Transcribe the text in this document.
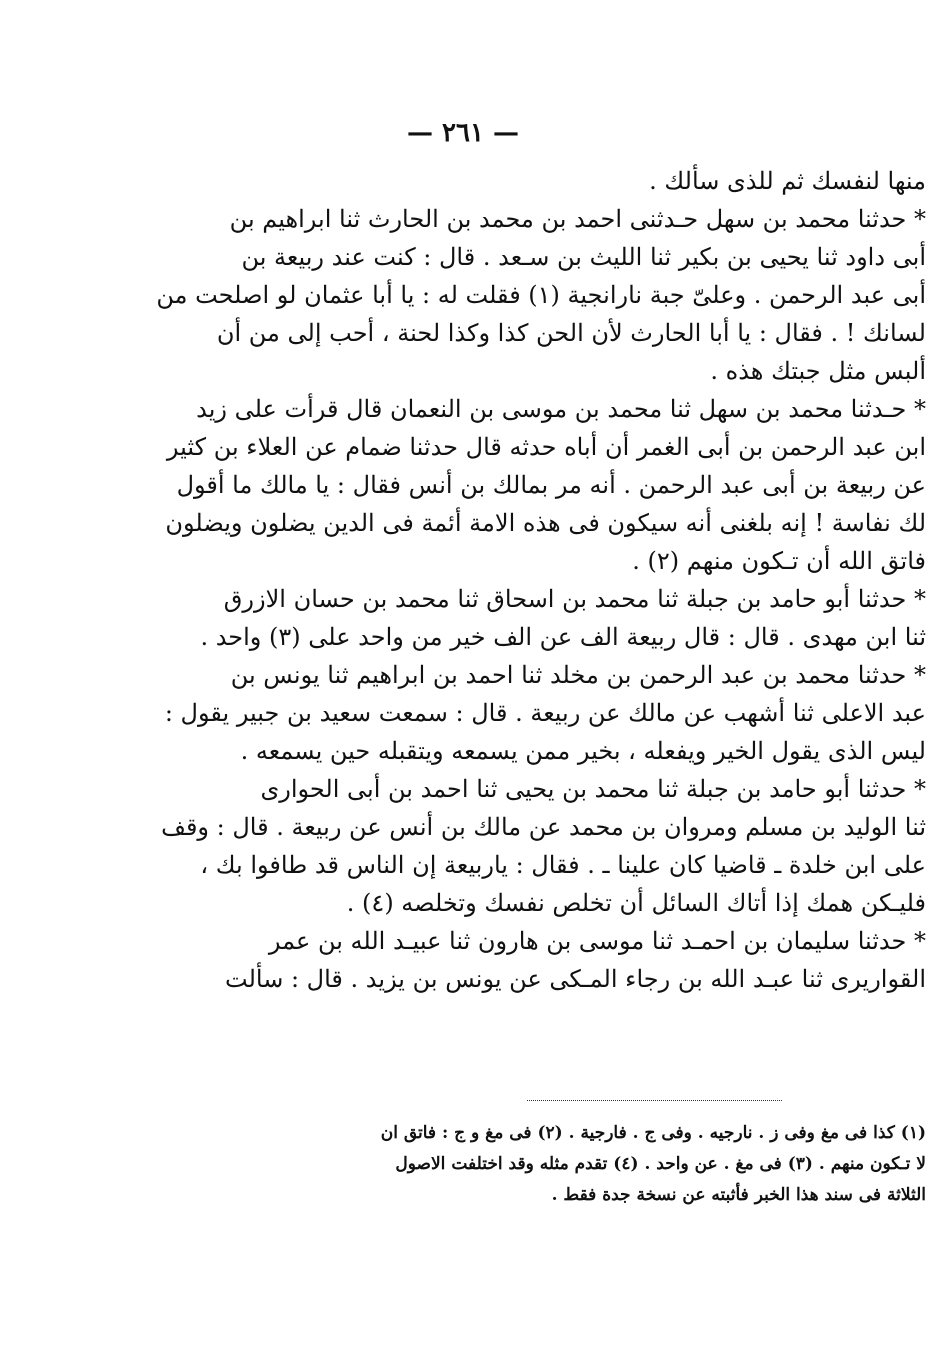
— ٢٦١ —

منها لنفسك ثم للذى سألك .

* حدثنا محمد بن سهل حـدثنى احمد بن محمد بن الحارث ثنا ابراهيم بن
أبى داود ثنا يحيى بن بكير ثنا الليث بن سـعد . قال : كنت عند ربيعة بن
أبى عبد الرحمن . وعلىّ جبة نارانجية (١) فقلت له : يا أبا عثمان لو اصلحت من
لسانك ! . فقال : يا أبا الحارث لأن الحن كذا وكذا لحنة ، أحب إلى من أن
ألبس مثل جبتك هذه .

* حـدثنا محمد بن سهل ثنا محمد بن موسى بن النعمان قال قرأت على زيد
ابن عبد الرحمن بن أبى الغمر أن أباه حدثه قال حدثنا ضمام عن العلاء بن كثير
عن ربيعة بن أبى عبد الرحمن . أنه مر بمالك بن أنس فقال : يا مالك ما أقول
لك نفاسة ! إنه بلغنى أنه سيكون فى هذه الامة أئمة فى الدين يضلون ويضلون
فاتق الله أن تـكون منهم (٢) .

* حدثنا أبو حامد بن جبلة ثنا محمد بن اسحاق ثنا محمد بن حسان الازرق
ثنا ابن مهدى . قال : قال ربيعة الف عن الف خير من واحد على (٣) واحد .

* حدثنا محمد بن عبد الرحمن بن مخلد ثنا احمد بن ابراهيم ثنا يونس بن
عبد الاعلى ثنا أشهب عن مالك عن ربيعة . قال : سمعت سعيد بن جبير يقول :
ليس الذى يقول الخير ويفعله ، بخير ممن يسمعه ويتقبله حين يسمعه .

* حدثنا أبو حامد بن جبلة ثنا محمد بن يحيى ثنا احمد بن أبى الحوارى
ثنا الوليد بن مسلم ومروان بن محمد عن مالك بن أنس عن ربيعة . قال : وقف
على ابن خلدة ـ قاضيا كان علينا ـ . فقال : ياربيعة إن الناس قد طافوا بك ،
فليـكن همك إذا أتاك السائل أن تخلص نفسك وتخلصه (٤) .

* حدثنا سليمان بن احمـد ثنا موسى بن هارون ثنا عبيـد الله بن عمر
القواريرى ثنا عبـد الله بن رجاء المـكى عن يونس بن يزيد . قال : سألت

(١) كذا فى مغ وفى ز . نارجيه . وفى ج . فارجية . (٢) فى مغ و ج : فاتق ان
لا تـكون منهم . (٣) فى مغ . عن واحد . (٤) تقدم مثله وقد اختلفت الاصول
الثلاثة فى سند هذا الخبر فأثبته عن نسخة جدة فقط .
